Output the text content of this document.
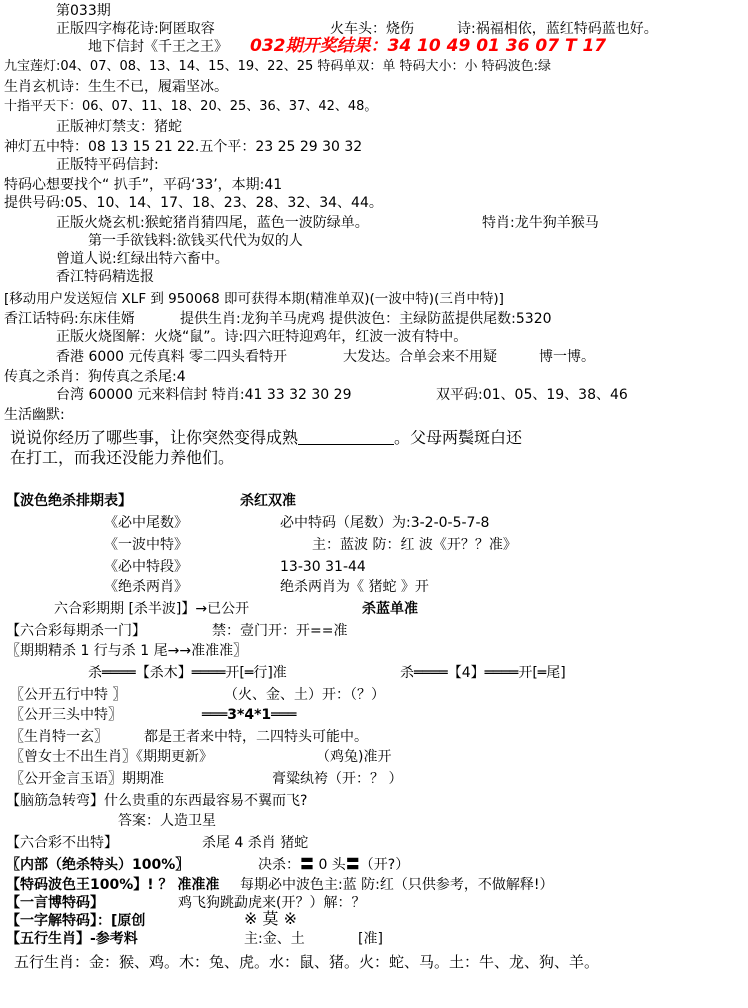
第033期
正版四字梅花诗:阿匿取容	火车头：烧伤	诗:祸福相依，蓝红特码蓝也好。
地下信封《千王之王》 032期开奖结果：34 10 49 01 36 07 T 17
九宝莲灯:04、07、08、13、14、15、19、22、25 特码单双：单 特码大小：小 特码波色:绿
生肖玄机诗：生生不已，履霜坚冰。
十指平天下：06、07、11、18、20、25、36、37、42、48。
正版神灯禁支：猪蛇
神灯五中特：08 13 15 21 22.五个平：23 25 29 30 32
正版特平码信封:
特码心想要找个“ 扒手”，平码‘33’，本期:41
提供号码:05、10、14、17、18、23、28、32、34、44。
正版火烧玄机:猴蛇猪肖猜四尾，蓝色一波防绿单。	特肖:龙牛狗羊猴马
第一手欲钱料:欲钱买代代为奴的人
曾道人说:红绿出特六畜中。
香江特码精选报
[移动用户发送短信 XLF 到 950068 即可获得本期(精准单双)(一波中特)(三肖中特)]
香江话特码:东床佳婿	提供生肖:龙狗羊马虎鸡 提供波色：主绿防蓝提供尾数:5320
正版火烧图解：火烧“鼠”。诗:四六旺特迎鸡年，红波一波有特中。
香港 6000 元传真料 零二四头看特开	大发达。合单会来不用疑	博一博。
传真之杀肖：狗传真之杀尾:4
台湾 60000 元来料信封 特肖:41 33 32 30 29	双平码:01、05、19、38、46
生活幽默:
说说你经历了哪些事，让你突然变得成熟	。父母两鬓斑白还
在打工，而我还没能力养他们。
【波色绝杀排期表】	杀红双准
《必中尾数》	必中特码（尾数）为:3-2-0-5-7-8
《一波中特》	主：蓝波 防：红 波《开？？准》
《必中特段》	13-30 31-44
《绝杀两肖》	绝杀两肖为《 猪蛇 》开
六合彩期期 [杀半波]】→已公开	杀蓝单准
【六合彩每期杀一门】	禁：壹门开：开==准
〖期期精杀 1 行与杀 1 尾→→准准准〗
杀════【杀木】════开[═行]准	杀════【4】════开[═尾]
〖公开五行中特 〗	（火、金、土）开：（？）
〖公开三头中特〗	═══3*4*1═══
〖生肖特一玄〗	都是王者来中特，二四特头可能中。
〖曾女士不出生肖〗《期期更新》	（鸡兔)准开
〖公开金言玉语〗期期准	膏粱纨袴（开：？ ）
【脑筋急转弯】什么贵重的东西最容易不翼而飞?
答案：人造卫星
【六合彩不出特】	杀尾 4 杀肖 猪蛇
〖内部（绝杀特头）100%〗	决杀：〓 0 头〓（开?）
【特码波色王100%】! ？ 准准准 每期必中波色主:蓝 防:红（只供参考，不做解释!）
【一言博特码】	鸡飞狗跳勐虎来(开？）解：？
【一字解特码】：[原创	※ 莫 ※
【五行生肖】-参考料	主:金、土	[准]
五行生肖：金：猴、鸡。木：兔、虎。水：鼠、猪。火：蛇、马。土：牛、龙、狗、羊。
